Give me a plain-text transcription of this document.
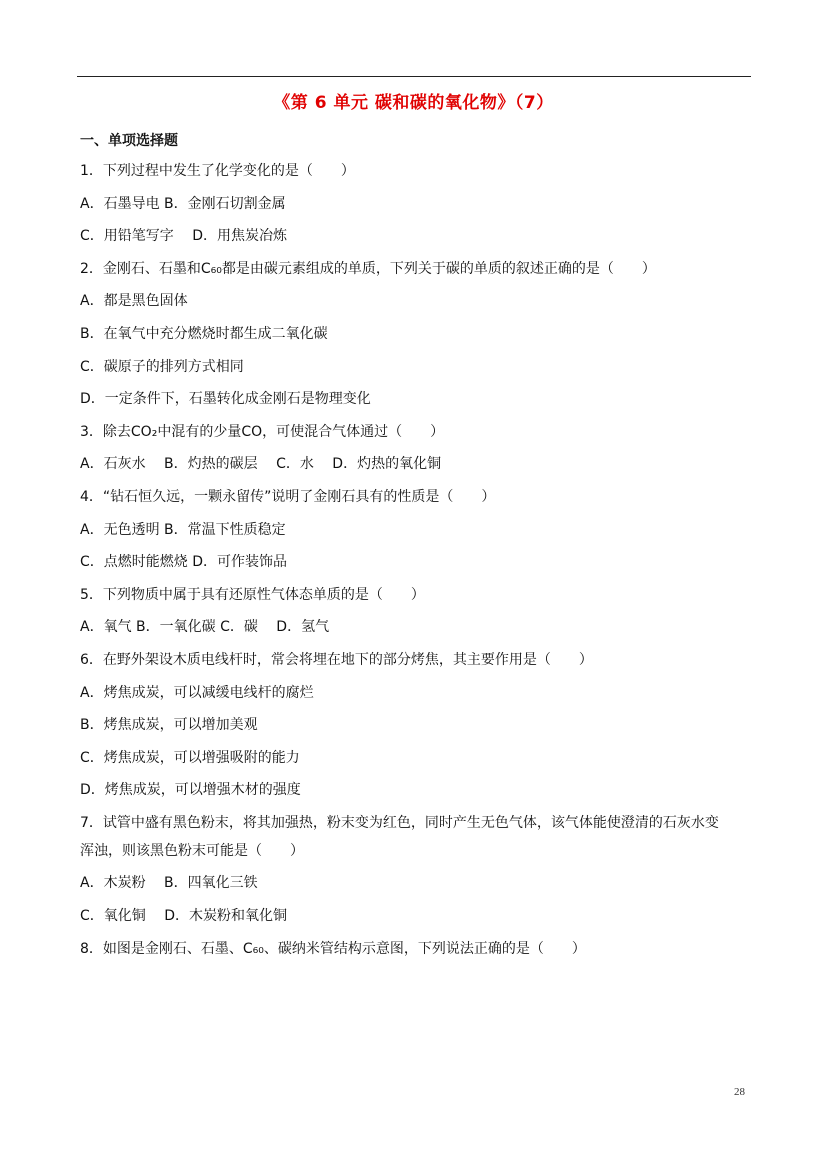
《第 6 单元 碳和碳的氧化物》（7）
一、单项选择题
1．下列过程中发生了化学变化的是（　　）
A．石墨导电 B．金刚石切割金属
C．用铅笔写字　 D．用焦炭冶炼
2．金刚石、石墨和C₆₀都是由碳元素组成的单质，下列关于碳的单质的叙述正确的是（　　）
A．都是黑色固体
B．在氧气中充分燃烧时都生成二氧化碳
C．碳原子的排列方式相同
D．一定条件下，石墨转化成金刚石是物理变化
3．除去CO₂中混有的少量CO，可使混合气体通过（　　）
A．石灰水　 B．灼热的碳层　 C．水　 D．灼热的氧化铜
4．“钻石恒久远，一颗永留传”说明了金刚石具有的性质是（　　）
A．无色透明 B．常温下性质稳定
C．点燃时能燃烧 D．可作装饰品
5．下列物质中属于具有还原性气体态单质的是（　　）
A．氧气 B．一氧化碳 C．碳　 D．氢气
6．在野外架设木质电线杆时，常会将埋在地下的部分烤焦，其主要作用是（　　）
A．烤焦成炭，可以减缓电线杆的腐烂
B．烤焦成炭，可以增加美观
C．烤焦成炭，可以增强吸附的能力
D．烤焦成炭，可以增强木材的强度
7．试管中盛有黑色粉末，将其加强热，粉末变为红色，同时产生无色气体，该气体能使澄清的石灰水变
浑浊，则该黑色粉末可能是（　　）
A．木炭粉　 B．四氧化三铁
C．氧化铜　 D．木炭粉和氧化铜
8．如图是金刚石、石墨、C₆₀、碳纳米管结构示意图，下列说法正确的是（　　）
28
